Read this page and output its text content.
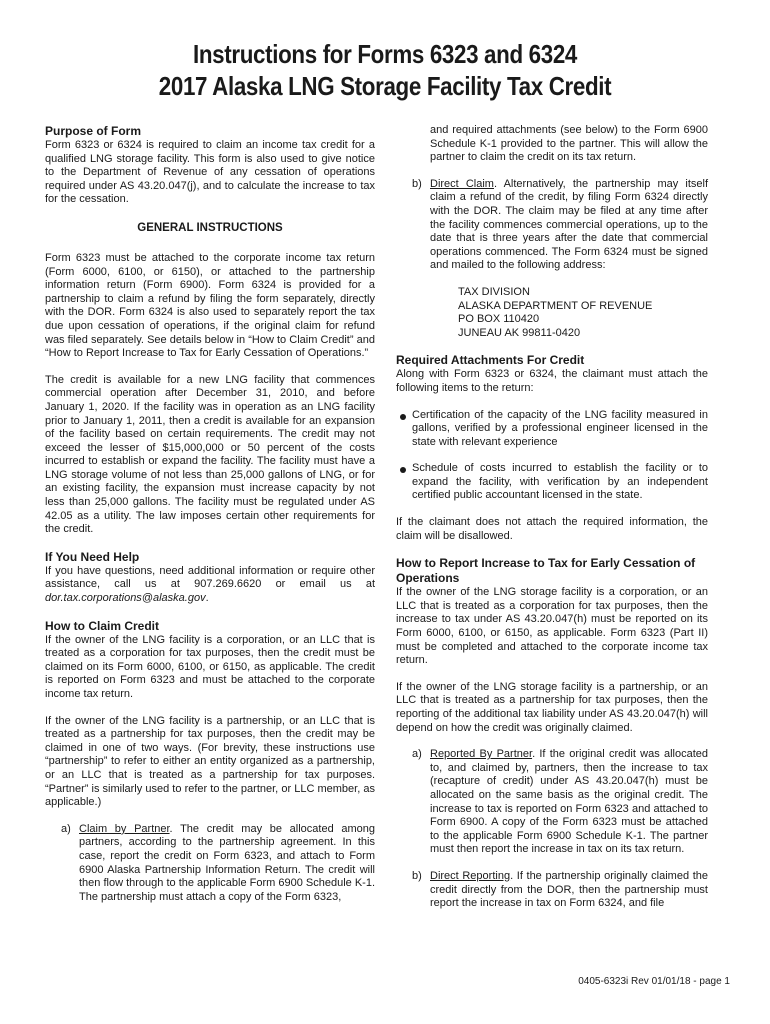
Instructions for Forms 6323 and 6324
2017 Alaska LNG Storage Facility Tax Credit
Purpose of Form

Form 6323 or 6324 is required to claim an income tax credit for a qualified LNG storage facility. This form is also used to give notice to the Department of Revenue of any cessation of operations required under AS 43.20.047(j), and to calculate the increase to tax for the cessation.

GENERAL INSTRUCTIONS

Form 6323 must be attached to the corporate income tax return (Form 6000, 6100, or 6150), or attached to the partnership information return (Form 6900). Form 6324 is provided for a partnership to claim a refund by filing the form separately, directly with the DOR. Form 6324 is also used to separately report the tax due upon cessation of operations, if the original claim for refund was filed separately. See details below in “How to Claim Credit” and “How to Report Increase to Tax for Early Cessation of Operations.”

The credit is available for a new LNG facility that commences commercial operation after December 31, 2010, and before January 1, 2020. If the facility was in operation as an LNG facility prior to January 1, 2011, then a credit is available for an expansion of the facility based on certain requirements. The credit may not exceed the lesser of $15,000,000 or 50 percent of the costs incurred to establish or expand the facility. The facility must have a LNG storage volume of not less than 25,000 gallons of LNG, or for an existing facility, the expansion must increase capacity by not less than 25,000 gallons. The facility must be regulated under AS 42.05 as a utility. The law imposes certain other requirements for the credit.

If You Need Help

If you have questions, need additional information or require other assistance, call us at 907.269.6620 or email us at dor.tax.corporations@alaska.gov.

How to Claim Credit

If the owner of the LNG facility is a corporation, or an LLC that is treated as a corporation for tax purposes, then the credit must be claimed on its Form 6000, 6100, or 6150, as applicable. The credit is reported on Form 6323 and must be attached to the corporate income tax return.

If the owner of the LNG facility is a partnership, or an LLC that is treated as a partnership for tax purposes, then the credit may be claimed in one of two ways. (For brevity, these instructions use “partnership” to refer to either an entity organized as a partnership, or an LLC that is treated as a partnership for tax purposes. “Partner” is similarly used to refer to the partner, or LLC member, as applicable.)

a) Claim by Partner. The credit may be allocated among partners, according to the partnership agreement. In this case, report the credit on Form 6323, and attach to Form 6900 Alaska Partnership Information Return. The credit will then flow through to the applicable Form 6900 Schedule K-1. The partnership must attach a copy of the Form 6323,
and required attachments (see below) to the Form 6900 Schedule K-1 provided to the partner. This will allow the partner to claim the credit on its tax return.
b) Direct Claim. Alternatively, the partnership may itself claim a refund of the credit, by filing Form 6324 directly with the DOR. The claim may be filed at any time after the facility commences commercial operations, up to the date that is three years after the date that commercial operations commenced. The Form 6324 must be signed and mailed to the following address:
TAX DIVISION
ALASKA DEPARTMENT OF REVENUE
PO BOX 110420
JUNEAU AK 99811-0420
Required Attachments For Credit

Along with Form 6323 or 6324, the claimant must attach the following items to the return:

Certification of the capacity of the LNG facility measured in gallons, verified by a professional engineer licensed in the state with relevant experience
Schedule of costs incurred to establish the facility or to expand the facility, with verification by an independent certified public accountant licensed in the state.

If the claimant does not attach the required information, the claim will be disallowed.

How to Report Increase to Tax for Early Cessation of Operations

If the owner of the LNG storage facility is a corporation, or an LLC that is treated as a corporation for tax purposes, then the increase to tax under AS 43.20.047(h) must be reported on its Form 6000, 6100, or 6150, as applicable. Form 6323 (Part II) must be completed and attached to the corporate income tax return.

If the owner of the LNG storage facility is a partnership, or an LLC that is treated as a partnership for tax purposes, then the reporting of the additional tax liability under AS 43.20.047(h) will depend on how the credit was originally claimed.

a) Reported By Partner. If the original credit was allocated to, and claimed by, partners, then the increase to tax (recapture of credit) under AS 43.20.047(h) must be allocated on the same basis as the original credit. The increase to tax is reported on Form 6323 and attached to Form 6900. A copy of the Form 6323 must be attached to the applicable Form 6900 Schedule K-1. The partner must then report the increase in tax on its tax return.
b) Direct Reporting. If the partnership originally claimed the credit directly from the DOR, then the partnership must report the increase in tax on Form 6324, and file
0405-6323i Rev 01/01/18 - page 1
